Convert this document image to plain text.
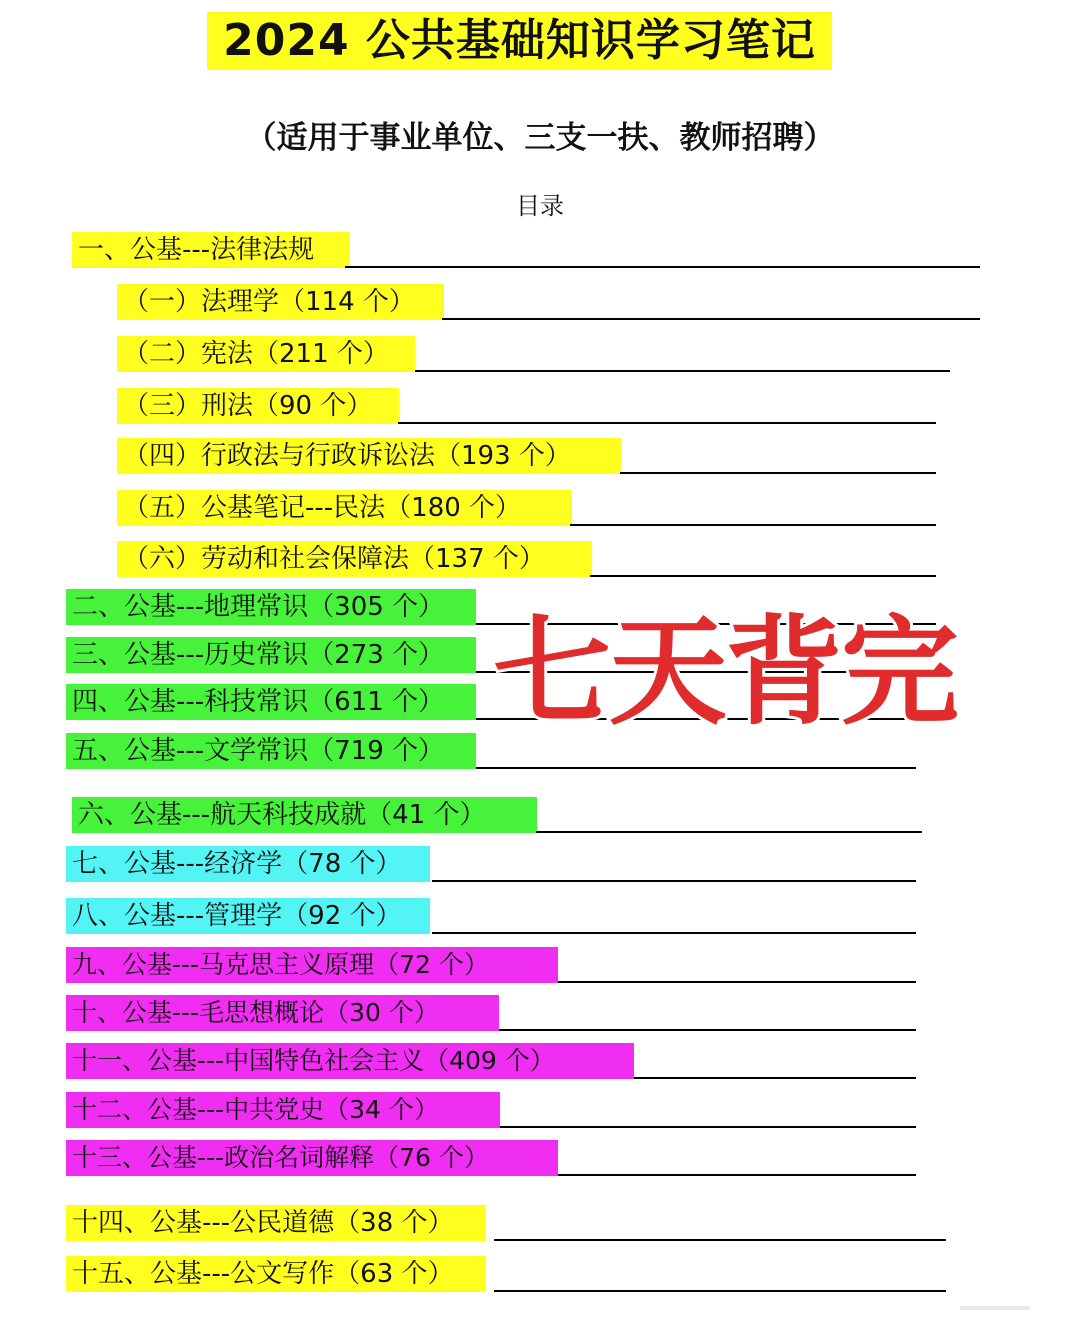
2024 公共基础知识学习笔记
（适用于事业单位、三支一扶、教师招聘）
目录
一、公基---法律法规
（一）法理学（114 个）
（二）宪法（211 个）
（三）刑法（90 个）
（四）行政法与行政诉讼法（193 个）
（五）公基笔记---民法（180 个）
（六）劳动和社会保障法（137 个）
二、公基---地理常识（305 个）
三、公基---历史常识（273 个）
四、公基---科技常识（611 个）
五、公基---文学常识（719 个）
六、公基---航天科技成就（41 个）
七、公基---经济学（78 个）
八、公基---管理学（92 个）
九、公基---马克思主义原理（72 个）
十、公基---毛思想概论（30 个）
十一、公基---中国特色社会主义（409 个）
十二、公基---中共党史（34 个）
十三、公基---政治名词解释（76 个）
十四、公基---公民道德（38 个）
十五、公基---公文写作（63 个）
七天背完
